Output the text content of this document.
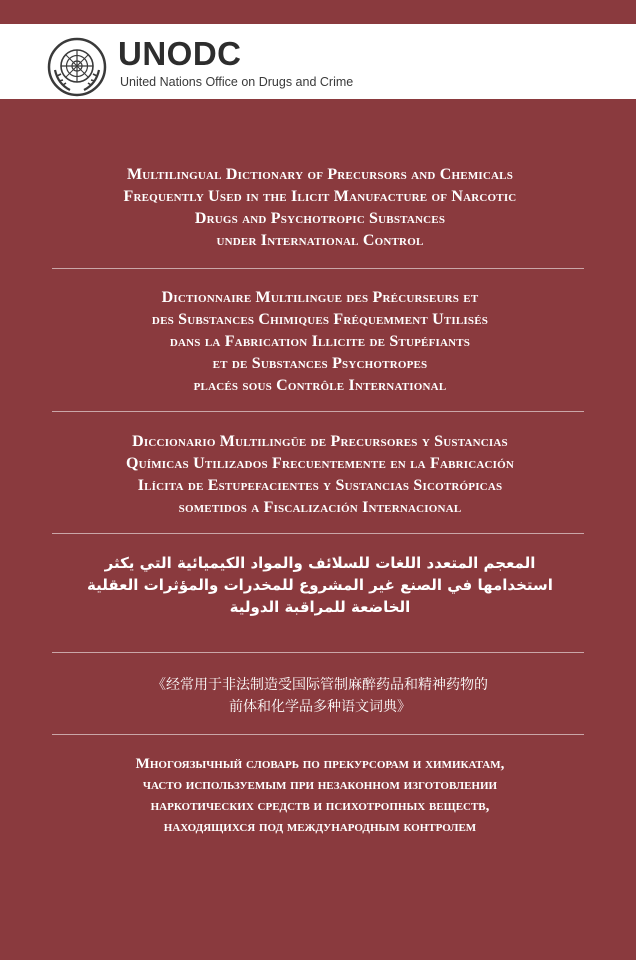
UNODC
United Nations Office on Drugs and Crime
Multilingual Dictionary of Precursors and Chemicals
Frequently Used in the Ilicit Manufacture of Narcotic
Drugs and Psychotropic Substances
under International Control
Dictionnaire Multilingue des Précurseurs et
des Substances Chimiques Fréquemment Utilisés
dans la Fabrication Illicite de Stupéfiants
et de Substances Psychotropes
placés sous Contrôle International
Diccionario Multilingüe de Precursores y Sustancias
Químicas Utilizados Frecuentemente en la Fabricación
Ilícita de Estupefacientes y Sustancias Sicotrópicas
sometidos a Fiscalización Internacional
المعجم المتعدد اللغات للسلائف والمواد الكيميائية التي يكثر
استخدامها في الصنع غير المشروع للمخدرات والمؤثرات العقلية
الخاضعة للمراقبة الدولية
《经常用于非法制造受国际管制麻醉药品和精神药物的
前体和化学品多种语文词典》
Многоязычный словарь по прекурсорам и химикатам,
часто используемым при незаконном изготовлении
наркотических средств и психотропных веществ,
находящихся под международным контролем
